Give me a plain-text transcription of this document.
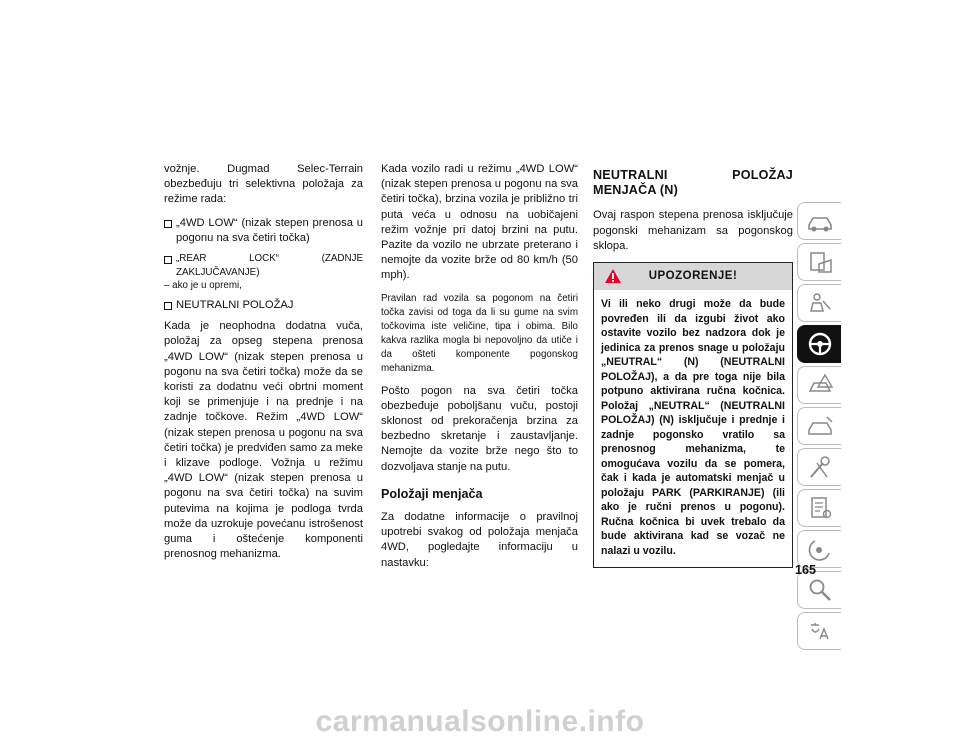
vožnje. Dugmad Selec-Terrain obezbeđuju tri selektivna položaja za režime rada:

„4WD LOW“ (nizak stepen prenosa u pogonu na sva četiri točka)
„REAR LOCK“ (ZADNJE ZAKLJUČAVANJE)
– ako je u opremi,
NEUTRALNI POLOŽAJ

Kada je neophodna dodatna vuča, položaj za opseg stepena prenosa „4WD LOW“ (nizak stepen prenosa u pogonu na sva četiri točka) može da se koristi za dodatnu veći obrtni moment koji se primenjuje i na prednje i na zadnje točkove. Režim „4WD LOW“ (nizak stepen prenosa u pogonu na sva četiri točka) je predviđen samo za meke i klizave podloge. Vožnja u režimu „4WD LOW“ (nizak stepen prenosa u pogonu na sva četiri točka) na suvim putevima na kojima je podloga tvrda može da uzrokuje povećanu istrošenost guma i oštećenje komponenti prenosnog mehanizma.

Kada vozilo radi u režimu „4WD LOW“ (nizak stepen prenosa u pogonu na sva četiri točka), brzina vozila je približno tri puta veća u odnosu na uobičajeni režim vožnje pri datoj brzini na putu. Pazite da vozilo ne ubrzate preterano i nemojte da vozite brže od 80 km/h (50 mph).

Pravilan rad vozila sa pogonom na četiri točka zavisi od toga da li su gume na svim točkovima iste veličine, tipa i obima. Bilo kakva razlika mogla bi nepovoljno da utiče i da ošteti komponente pogonskog mehanizma.

Pošto pogon na sva četiri točka obezbeđuje poboljšanu vuču, postoji sklonost od prekoračenja brzina za bezbedno skretanje i zaustavljanje. Nemojte da vozite brže nego što to dozvoljava stanje na putu.

Položaji menjača

Za dodatne informacije o pravilnoj upotrebi svakog od položaja menjača 4WD, pogledajte informaciju u nastavku:

NEUTRALNI POLOŽAJ MENJAČA (N)

Ovaj raspon stepena prenosa isključuje pogonski mehanizam sa pogonskog sklopa.

UPOZORENJE!
Vi ili neko drugi može da bude povređen ili da izgubi život ako ostavite vozilo bez nadzora dok je jedinica za prenos snage u položaju „NEUTRAL“ (N) (NEUTRALNI POLOŽAJ), a da pre toga nije bila potpuno aktivirana ručna kočnica. Položaj „NEUTRAL“ (NEUTRALNI POLOŽAJ) (N) isključuje i prednje i zadnje pogonsko vratilo sa prenosnog mehanizma, te omogućava vozilu da se pomera, čak i kada je automatski menjač u položaju PARK (PARKIRANJE) (ili ako je ručni prenos u pogonu). Ručna kočnica bi uvek trebalo da bude aktivirana kad se vozač ne nalazi u vozilu.
165
carmanualsonline.info
